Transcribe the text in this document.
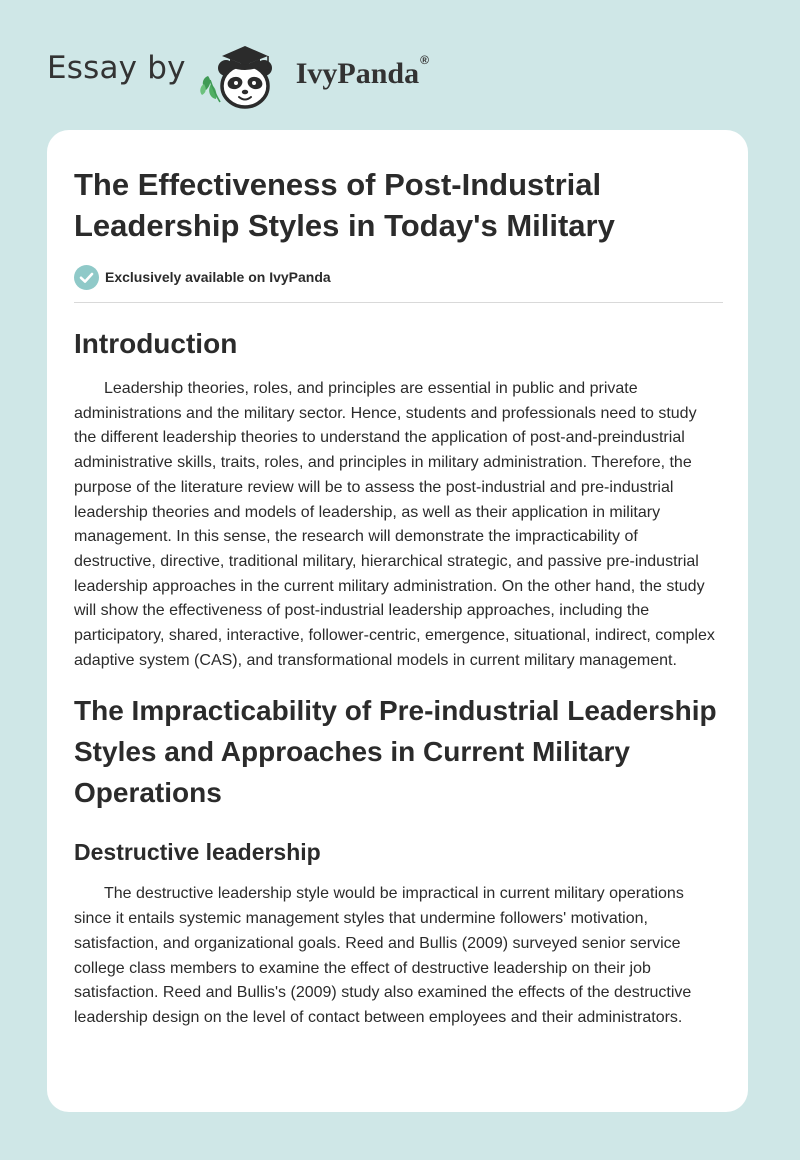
Essay by	IvyPanda®
The Effectiveness of Post-Industrial Leadership Styles in Today's Military
Exclusively available on IvyPanda
Introduction

Leadership theories, roles, and principles are essential in public and private administrations and the military sector. Hence, students and professionals need to study the different leadership theories to understand the application of post-and-preindustrial administrative skills, traits, roles, and principles in military administration. Therefore, the purpose of the literature review will be to assess the post-industrial and pre-industrial leadership theories and models of leadership, as well as their application in military management. In this sense, the research will demonstrate the impracticability of destructive, directive, traditional military, hierarchical strategic, and passive pre-industrial leadership approaches in the current military administration. On the other hand, the study will show the effectiveness of post-industrial leadership approaches, including the participatory, shared, interactive, follower-centric, emergence, situational, indirect, complex adaptive system (CAS), and transformational models in current military management.

The Impracticability of Pre-industrial Leadership Styles and Approaches in Current Military Operations
Destructive leadership

The destructive leadership style would be impractical in current military operations since it entails systemic management styles that undermine followers' motivation, satisfaction, and organizational goals. Reed and Bullis (2009) surveyed senior service college class members to examine the effect of destructive leadership on their job satisfaction. Reed and Bullis's (2009) study also examined the effects of the destructive leadership design on the level of contact between employees and their administrators.
